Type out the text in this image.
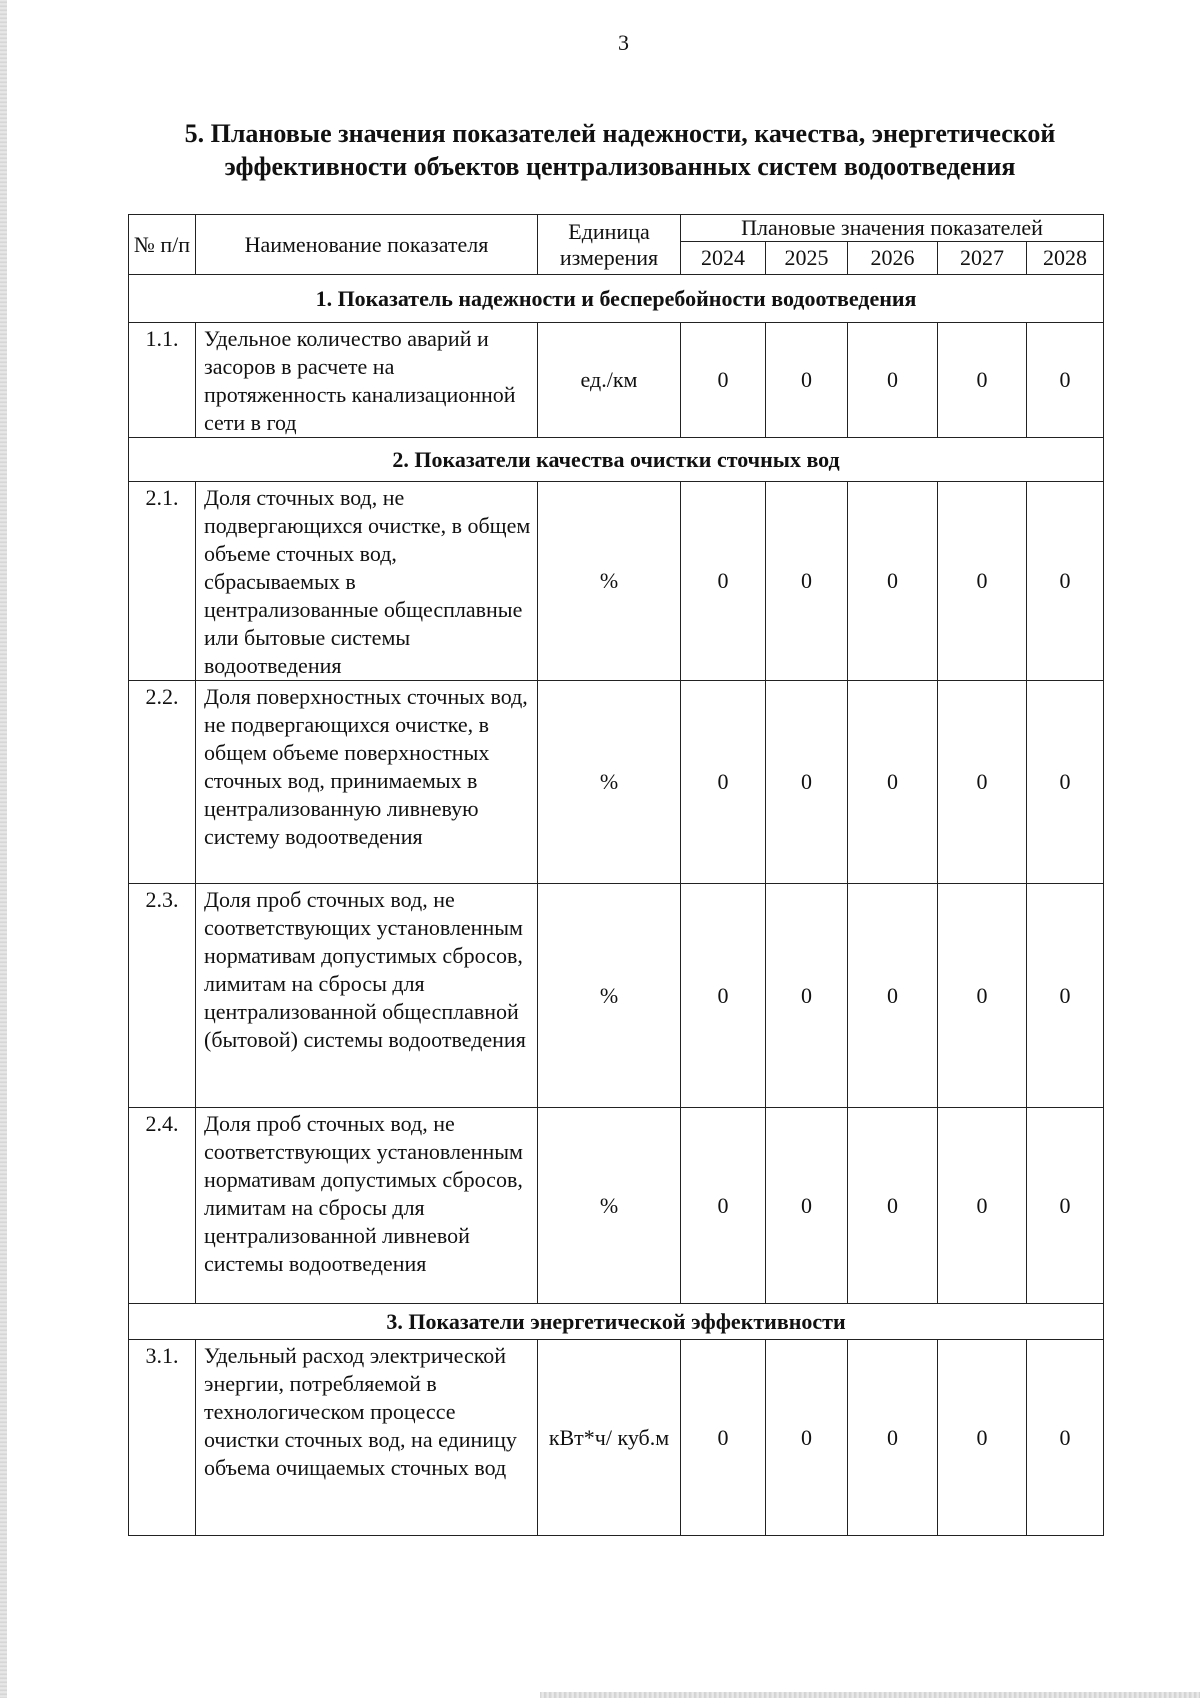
3
5. Плановые значения показателей надежности, качества, энергетической
эффективности объектов централизованных систем водоотведения
№ п/п	Наименование показателя	Единица измерения	Плановые значения показателей				
			2024	2025	2026	2027	2028
1. Показатель надежности и бесперебойности водоотведения							
1.1.	Удельное количество аварий и засоров в расчете на протяженность канализационной сети в год	ед./км	0	0	0	0	0
2. Показатели качества очистки сточных вод							
2.1.	Доля сточных вод, не подвергающихся очистке, в общем объеме сточных вод, сбрасываемых в централизованные общесплавные или бытовые системы водоотведения	%	0	0	0	0	0
2.2.	Доля поверхностных сточных вод, не подвергающихся очистке, в общем объеме поверхностных сточных вод, принимаемых в централизованную ливневую систему водоотведения	%	0	0	0	0	0
2.3.	Доля проб сточных вод, не соответствующих установленным нормативам допустимых сбросов, лимитам на сбросы для централизованной общесплавной (бытовой) системы водоотведения	%	0	0	0	0	0
2.4.	Доля проб сточных вод, не соответствующих установленным нормативам допустимых сбросов, лимитам на сбросы для централизованной ливневой системы водоотведения	%	0	0	0	0	0
3. Показатели энергетической эффективности							
3.1.	Удельный расход электрической энергии, потребляемой в технологическом процессе очистки сточных вод, на единицу объема очищаемых сточных вод	кВт*ч/ куб.м	0	0	0	0	0
